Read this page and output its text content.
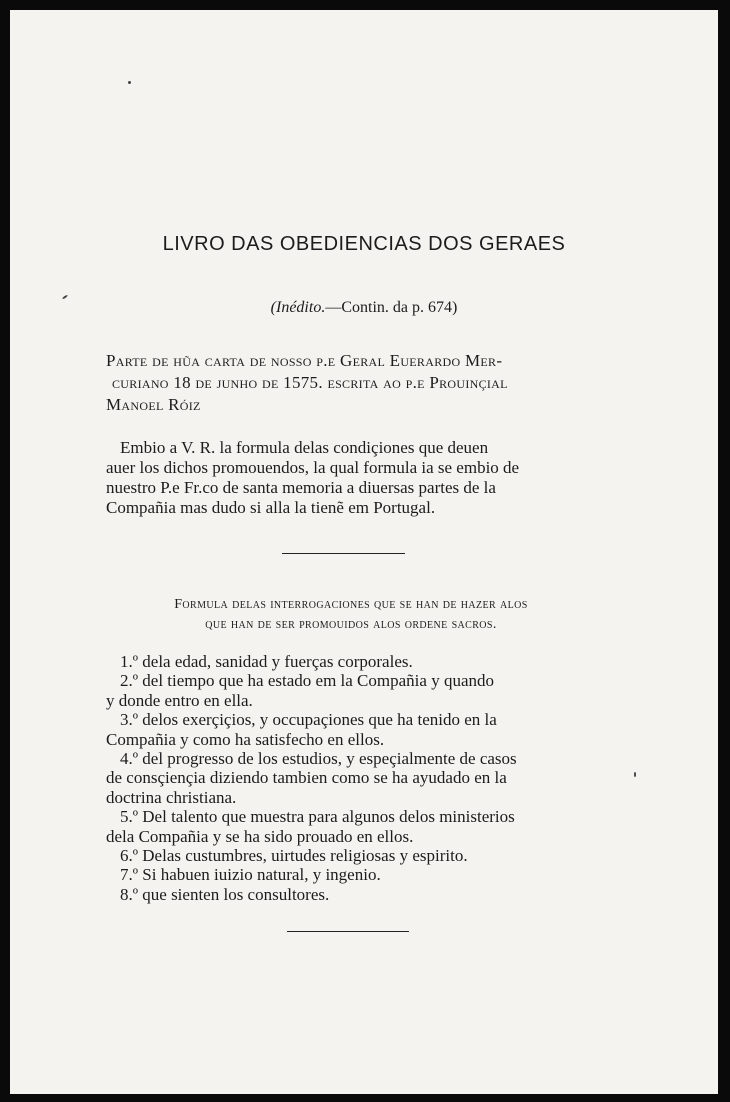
LIVRO DAS OBEDIENCIAS DOS GERAES
(Inédito.—Contin. da p. 674)

Parte de hũa carta de nosso p.e Geral Euerardo Mer-
curiano 18 de junho de 1575. escrita ao p.e Prouinçial
Manoel Róiz

Embio a V. R. la formula delas condiçiones que deuen
auer los dichos promouendos, la qual formula ia se embio de
nuestro P.e Fr.co de santa memoria a diuersas partes de la
Compañia mas dudo si alla la tienẽ em Portugal.

Formula delas interrogaciones que se han de hazer alos
que han de ser promouidos alos ordene sacros.

1.º dela edad, sanidad y fuerças corporales.
2.º del tiempo que ha estado em la Compañia y quando
y donde entro en ella.
3.º delos exerçiçios, y occupaçiones que ha tenido en la
Compañia y como ha satisfecho en ellos.
4.º del progresso de los estudios, y espeçialmente de casos
de consçiençia diziendo tambien como se ha ayudado en la
doctrina christiana.
5.º Del talento que muestra para algunos delos ministerios
dela Compañia y se ha sido prouado en ellos.
6.º Delas custumbres, uirtudes religiosas y espirito.
7.º Si habuen iuizio natural, y ingenio.
8.º que sienten los consultores.
